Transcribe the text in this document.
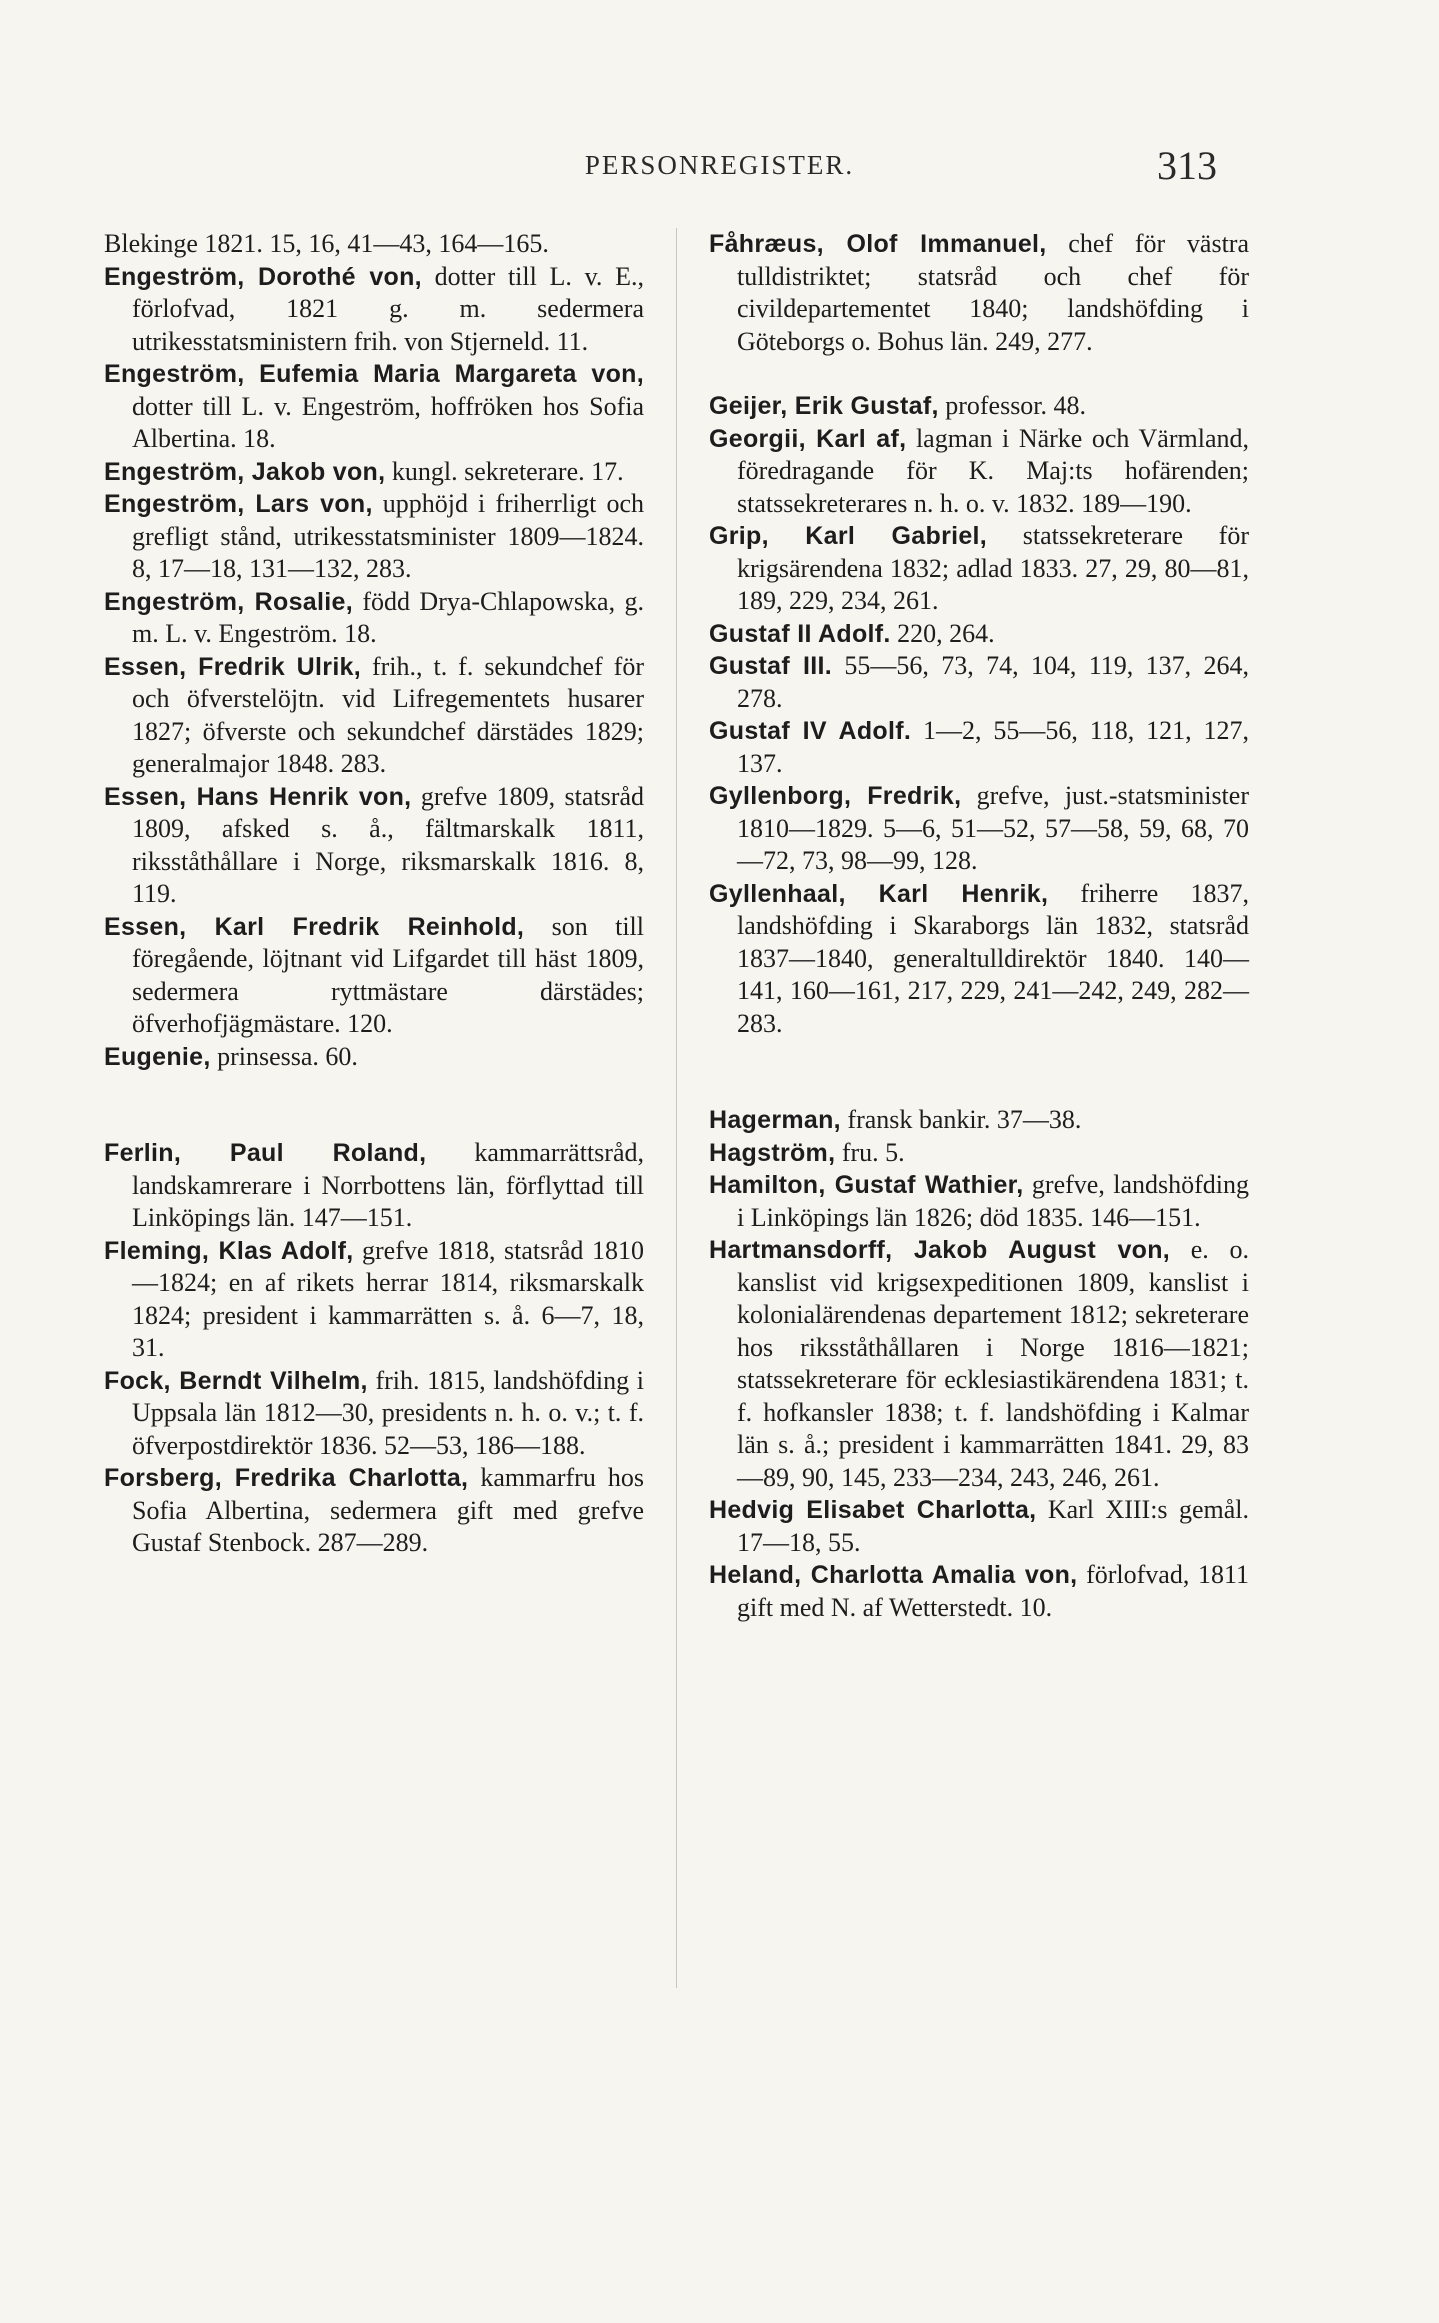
PERSONREGISTER.	313

Blekinge 1821. 15, 16, 41—43, 164—165.

Engeström, Dorothé von, dotter till L. v. E., förlofvad, 1821 g. m. sedermera utrikesstatsministern frih. von Stjerneld. 11.

Engeström, Eufemia Maria Margareta von, dotter till L. v. Engeström, hoffröken hos Sofia Albertina. 18.

Engeström, Jakob von, kungl. sekreterare. 17.

Engeström, Lars von, upphöjd i friherrligt och grefligt stånd, utrikesstatsminister 1809—1824. 8, 17—18, 131—132, 283.

Engeström, Rosalie, född Dryа-Chlapowska, g. m. L. v. Engeström. 18.

Essen, Fredrik Ulrik, frih., t. f. sekundchef för och öfverstelöjtn. vid Lifregementets husarer 1827; öfverste och sekundchef därstädes 1829; generalmajor 1848. 283.

Essen, Hans Henrik von, grefve 1809, statsråd 1809, afsked s. å., fältmarskalk 1811, riksståthållare i Norge, riksmarskalk 1816. 8, 119.

Essen, Karl Fredrik Reinhold, son till föregående, löjtnant vid Lifgardet till häst 1809, sedermera ryttmästare därstädes; öfverhofjägmästare. 120.

Eugenie, prinsessa. 60.

Ferlin, Paul Roland, kammarrättsråd, landskamrerare i Norrbottens län, förflyttad till Linköpings län. 147—151.

Fleming, Klas Adolf, grefve 1818, statsråd 1810—1824; en af rikets herrar 1814, riksmarskalk 1824; president i kammarrätten s. å. 6—7, 18, 31.

Fock, Berndt Vilhelm, frih. 1815, landshöfding i Uppsala län 1812—30, presidents n. h. o. v.; t. f. öfverpostdirektör 1836. 52—53, 186—188.

Forsberg, Fredrika Charlotta, kammarfru hos Sofia Albertina, sedermera gift med grefve Gustaf Stenbock. 287—289.

Fåhræus, Olof Immanuel, chef för västra tulldistriktet; statsråd och chef för civildepartementet 1840; landshöfding i Göteborgs o. Bohus län. 249, 277.

Geijer, Erik Gustaf, professor. 48.

Georgii, Karl af, lagman i Närke och Värmland, föredragande för K. Maj:ts hofärenden; statssekreterares n. h. o. v. 1832. 189—190.

Grip, Karl Gabriel, statssekreterare för krigsärendena 1832; adlad 1833. 27, 29, 80—81, 189, 229, 234, 261.

Gustaf II Adolf. 220, 264.

Gustaf III. 55—56, 73, 74, 104, 119, 137, 264, 278.

Gustaf IV Adolf. 1—2, 55—56, 118, 121, 127, 137.

Gyllenborg, Fredrik, grefve, just.-statsminister 1810—1829. 5—6, 51—52, 57—58, 59, 68, 70—72, 73, 98—99, 128.

Gyllenhaal, Karl Henrik, friherre 1837, landshöfding i Skaraborgs län 1832, statsråd 1837—1840, generaltulldirektör 1840. 140—141, 160—161, 217, 229, 241—242, 249, 282—283.

Hagerman, fransk bankir. 37—38.

Hagström, fru. 5.

Hamilton, Gustaf Wathier, grefve, landshöfding i Linköpings län 1826; död 1835. 146—151.

Hartmansdorff, Jakob August von, e. o. kanslist vid krigsexpeditionen 1809, kanslist i kolonialärendenas departement 1812; sekreterare hos riksståthållaren i Norge 1816—1821; statssekreterare för ecklesiastikärendena 1831; t. f. hofkansler 1838; t. f. landshöfding i Kalmar län s. å.; president i kammarrätten 1841. 29, 83—89, 90, 145, 233—234, 243, 246, 261.

Hedvig Elisabet Charlotta, Karl XIII:s gemål. 17—18, 55.

Heland, Charlotta Amalia von, förlofvad, 1811 gift med N. af Wetterstedt. 10.
